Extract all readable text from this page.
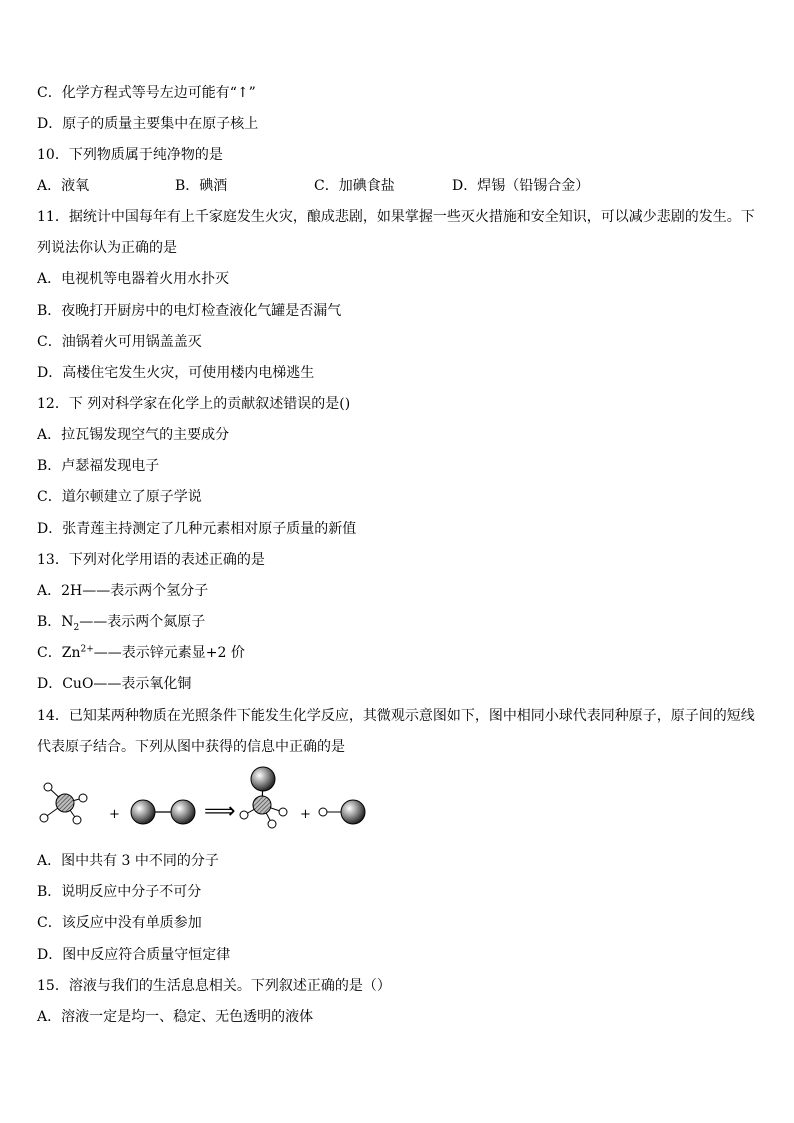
C．化学方程式等号左边可能有“↑”
D．原子的质量主要集中在原子核上
10．下列物质属于纯净物的是
A．液氧	B．碘酒	C．加碘食盐	D．焊锡（铅锡合金）
11．据统计中国每年有上千家庭发生火灾，酿成悲剧，如果掌握一些灭火措施和安全知识，可以减少悲剧的发生。下
列说法你认为正确的是
A．电视机等电器着火用水扑灭
B．夜晚打开厨房中的电灯检查液化气罐是否漏气
C．油锅着火可用锅盖盖灭
D．高楼住宅发生火灾，可使用楼内电梯逃生
12．下 列对科学家在化学上的贡献叙述错误的是()
A．拉瓦锡发现空气的主要成分
B．卢瑟福发现电子
C．道尔顿建立了原子学说
D．张青莲主持测定了几种元素相对原子质量的新值
13．下列对化学用语的表述正确的是
A．2H——表示两个氢分子
B．$N_2——$表示两个氮原子
C．$Zn^{2+}——$表示锌元素显+2 价
D．CuO——表示氧化铜
14．已知某两种物质在光照条件下能发生化学反应，其微观示意图如下，图中相同小球代表同种原子，原子间的短线
代表原子结合。下列从图中获得的信息中正确的是
+	⟹	+
A．图中共有 3 中不同的分子
B．说明反应中分子不可分
C．该反应中没有单质参加
D．图中反应符合质量守恒定律
15．溶液与我们的生活息息相关。下列叙述正确的是（）
A．溶液一定是均一、稳定、无色透明的液体
